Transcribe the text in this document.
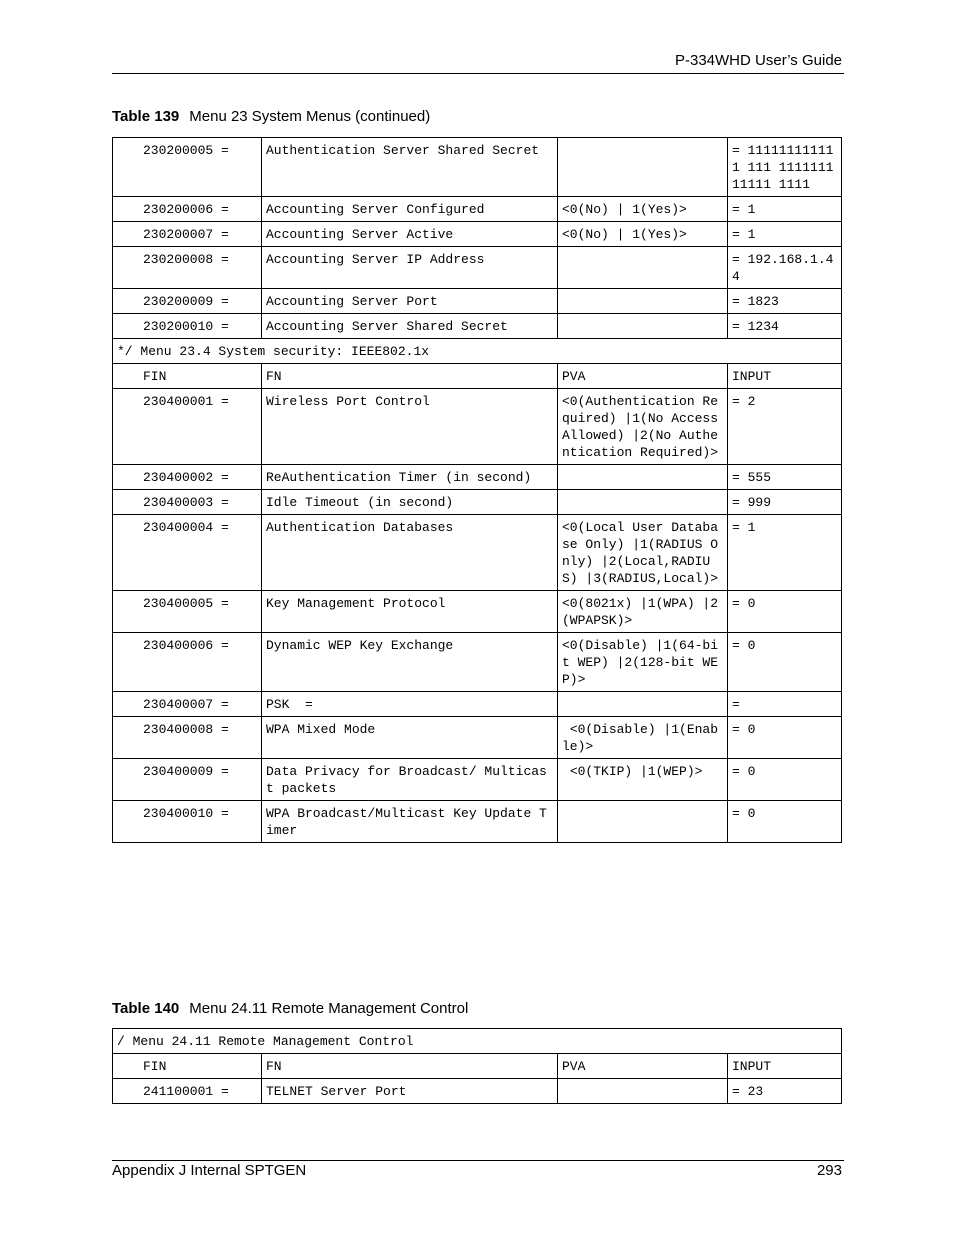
P-334WHD User’s Guide
Table 139 Menu 23 System Menus (continued)
230200005 =	Authentication Server Shared Secret		= 111111111111 111 111111111111 1111
230200006 =	Accounting Server Configured	<0(No) | 1(Yes)>	= 1
230200007 =	Accounting Server Active	<0(No) | 1(Yes)>	= 1
230200008 =	Accounting Server IP Address		= 192.168.1.44
230200009 =	Accounting Server Port		= 1823
230200010 =	Accounting Server Shared Secret		= 1234
*/ Menu 23.4 System security: IEEE802.1x			
FIN	FN	PVA	INPUT
230400001 =	Wireless Port Control	<0(Authentication Required) |1(No Access Allowed) |2(No Authentication Required)>	= 2
230400002 =	ReAuthentication Timer (in second)		= 555
230400003 =	Idle Timeout (in second)		= 999
230400004 =	Authentication Databases	<0(Local User Database Only) |1(RADIUS Only) |2(Local,RADIUS) |3(RADIUS,Local)>	= 1
230400005 =	Key Management Protocol	<0(8021x) |1(WPA) |2(WPAPSK)>	= 0
230400006 =	Dynamic WEP Key Exchange	<0(Disable) |1(64-bit WEP) |2(128-bit WEP)>	= 0
230400007 =	PSK  =		=
230400008 =	WPA Mixed Mode	<0(Disable) |1(Enable)>	= 0
230400009 =	Data Privacy for Broadcast/ Multicast packets	<0(TKIP) |1(WEP)>	= 0
230400010 =	WPA Broadcast/Multicast Key Update Timer		= 0
Table 140 Menu 24.11 Remote Management Control
/ Menu 24.11 Remote Management Control			
FIN	FN	PVA	INPUT
241100001 =	TELNET Server Port		= 23
Appendix J Internal SPTGEN	293
